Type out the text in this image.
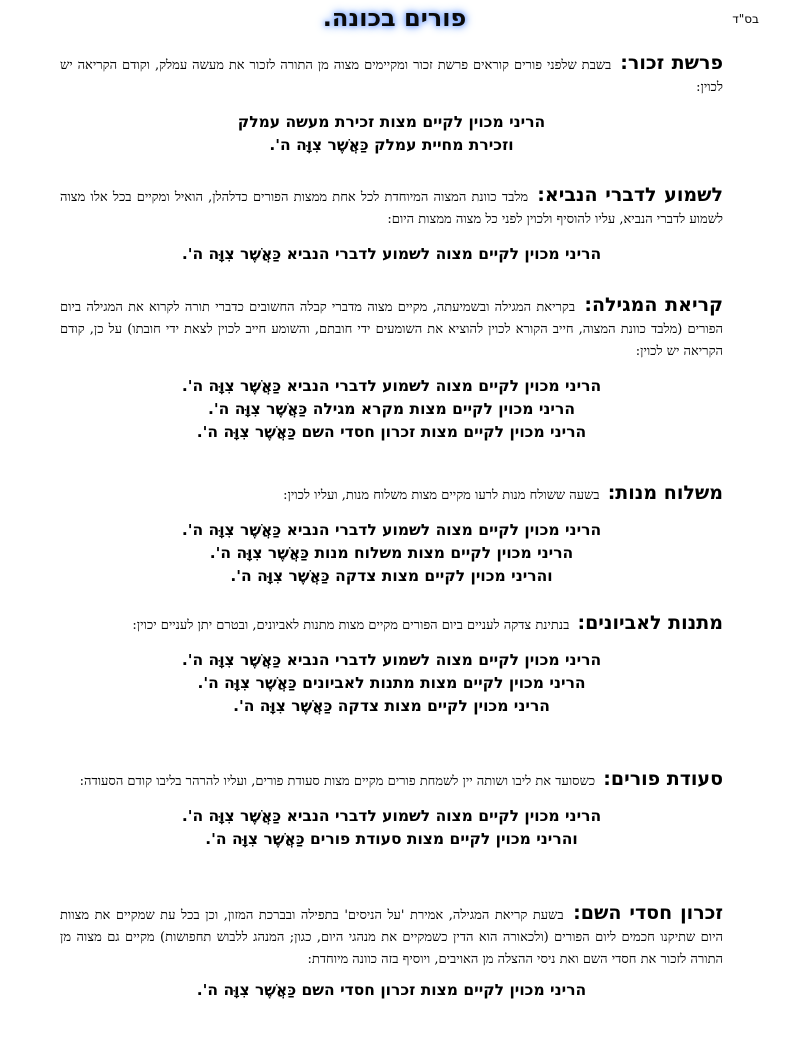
בס"ד
פורים בכונה.

פרשת זכור: בשבת שלפני פורים קוראים פרשת זכור ומקיימים מצוה מן התורה לזכור את מעשה עמלק, וקודם הקריאה יש לכוין:

הריני מכוין לקיים מצות זכירת מעשה עמלק

וזכירת מחיית עמלק כַּאֲשֶׁר צִוָּה ה'.

לשמוע לדברי הנביא: מלבד כוונת המצוה המיוחדת לכל אחת ממצות הפורים כדלהלן, הואיל ומקיים בכל אלו מצוה לשמוע לדברי הנביא, עליו להוסיף ולכוין לפני כל מצוה ממצות היום:

הריני מכוין לקיים מצוה לשמוע לדברי הנביא כַּאֲשֶׁר צִוָּה ה'.

קריאת המגילה: בקריאת המגילה ובשמיעתה, מקיים מצוה מדברי קבלה החשובים כדברי תורה לקרוא את המגילה ביום הפורים (מלבד כוונת המצוה, חייב הקורא לכוין להוציא את השומעים ידי חובתם, והשומע חייב לכוין לצאת ידי חובתו) על כן, קודם הקריאה יש לכוין:

הריני מכוין לקיים מצוה לשמוע לדברי הנביא כַּאֲשֶׁר צִוָּה ה'.

הריני מכוין לקיים מצות מקרא מגילה כַּאֲשֶׁר צִוָּה ה'.

הריני מכוין לקיים מצות זכרון חסדי השם כַּאֲשֶׁר צִוָּה ה'.

משלוח מנות: בשעה ששולח מנות לרעו מקיים מצות משלוח מנות, ועליו לכוין:

הריני מכוין לקיים מצוה לשמוע לדברי הנביא כַּאֲשֶׁר צִוָּה ה'.

הריני מכוין לקיים מצות משלוח מנות כַּאֲשֶׁר צִוָּה ה'.

והריני מכוין לקיים מצות צדקה כַּאֲשֶׁר צִוָּה ה'.

מתנות לאביונים: בנתינת צדקה לעניים ביום הפורים מקיים מצות מתנות לאביונים, ובטרם יתן לעניים יכוין:

הריני מכוין לקיים מצוה לשמוע לדברי הנביא כַּאֲשֶׁר צִוָּה ה'.

הריני מכוין לקיים מצות מתנות לאביונים כַּאֲשֶׁר צִוָּה ה'.

הריני מכוין לקיים מצות צדקה כַּאֲשֶׁר צִוָּה ה'.

סעודת פורים: כשסועד את ליבו ושותה יין לשמחת פורים מקיים מצות סעודת פורים, ועליו להרהר בליבו קודם הסעודה:

הריני מכוין לקיים מצוה לשמוע לדברי הנביא כַּאֲשֶׁר צִוָּה ה'.

והריני מכוין לקיים מצות סעודת פורים כַּאֲשֶׁר צִוָּה ה'.

זכרון חסדי השם: בשעת קריאת המגילה, אמירת 'על הניסים' בתפילה ובברכת המזון, וכן בכל עת שמקיים את מצוות היום שתיקנו חכמים ליום הפורים (ולכאורה הוא הדין כשמקיים את מנהגי היום, כגון; המנהג ללבוש תחפושות) מקיים גם מצוה מן התורה לזכור את חסדי השם ואת ניסי ההצלה מן האויבים, ויוסיף בזה כוונה מיוחדת:

הריני מכוין לקיים מצות זכרון חסדי השם כַּאֲשֶׁר צִוָּה ה'.
